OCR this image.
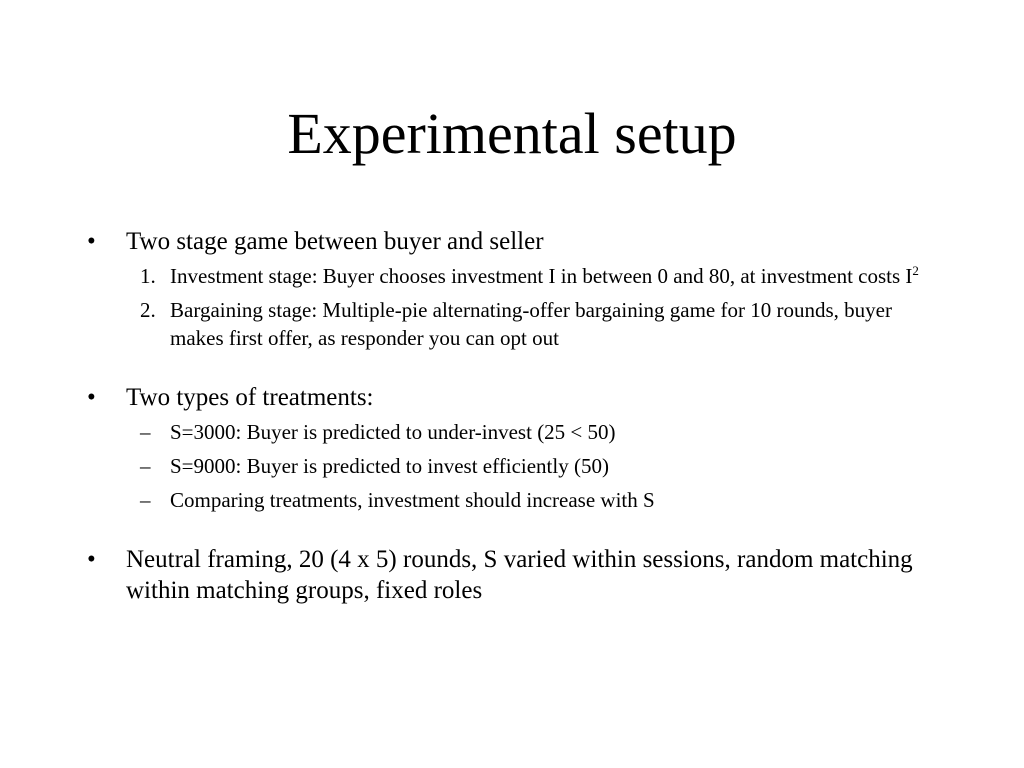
Experimental setup
•	Two stage game between buyer and seller
1. Investment stage: Buyer chooses investment I in between 0 and 80, at investment costs $I^2$
2. Bargaining stage: Multiple-pie alternating-offer bargaining game for 10 rounds, buyer makes first offer, as responder you can opt out
•	Two types of treatments:
– S=3000: Buyer is predicted to under-invest (25 < 50)
– S=9000: Buyer is predicted to invest efficiently (50)
– Comparing treatments, investment should increase with S
•	Neutral framing, 20 (4 x 5) rounds, S varied within sessions, random matching within matching groups, fixed roles
